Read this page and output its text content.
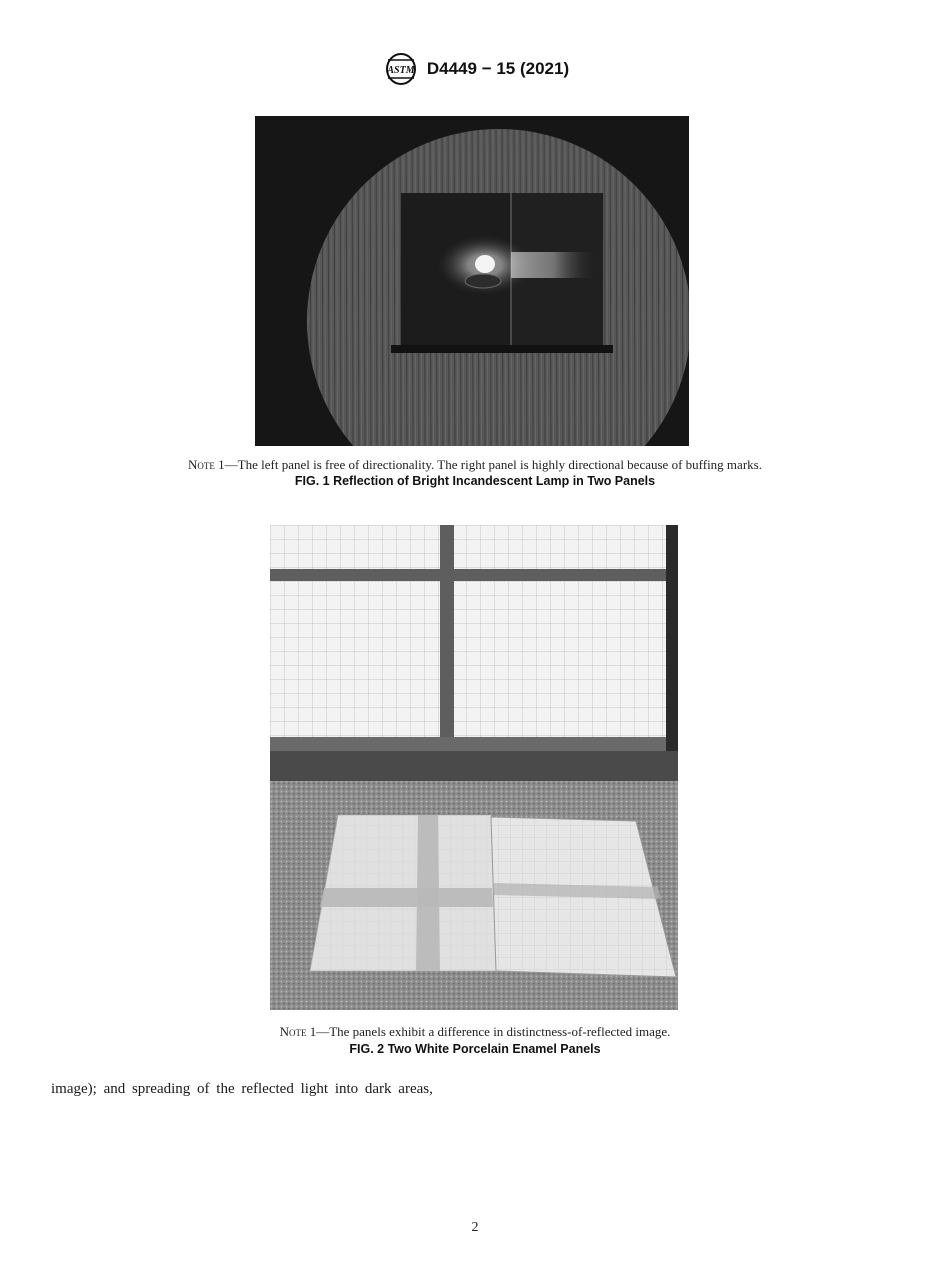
ASTM D4449 − 15 (2021)
Note 1—The left panel is free of directionality. The right panel is highly directional because of buffing marks.
FIG. 1 Reflection of Bright Incandescent Lamp in Two Panels
Note 1—The panels exhibit a difference in distinctness-of-reflected image.
FIG. 2 Two White Porcelain Enamel Panels
image); and spreading of the reflected light into dark areas,
2
